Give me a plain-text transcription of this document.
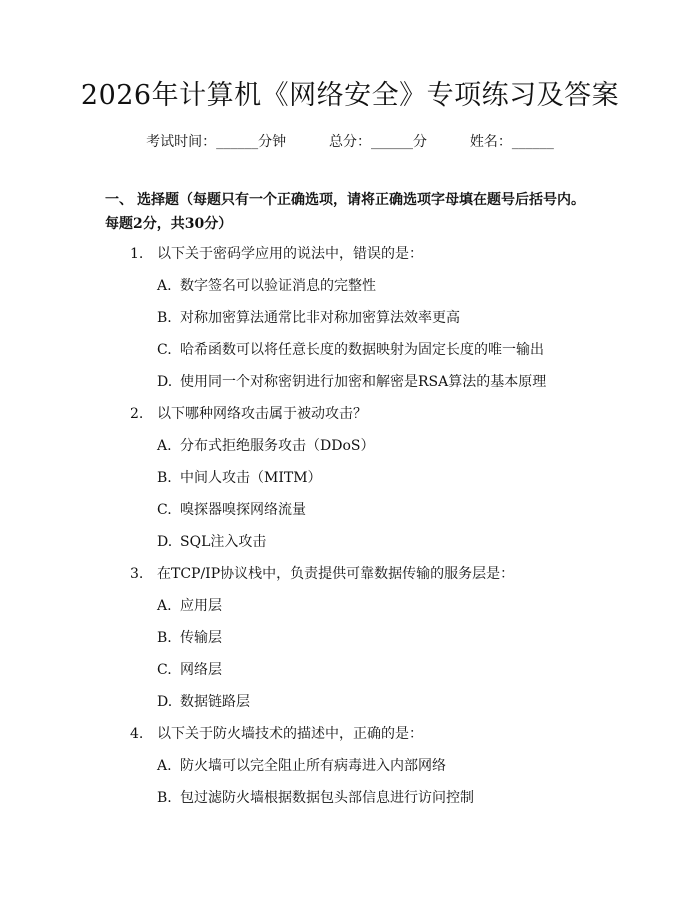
2026年计算机《网络安全》专项练习及答案
考试时间：______分钟	总分：______分	姓名：______
一、 选择题（每题只有一个正确选项，请将正确选项字母填在题号后括号内。每题2分，共30分）
1. 以下关于密码学应用的说法中，错误的是：
A. 数字签名可以验证消息的完整性
B. 对称加密算法通常比非对称加密算法效率更高
C. 哈希函数可以将任意长度的数据映射为固定长度的唯一输出
D. 使用同一个对称密钥进行加密和解密是RSA算法的基本原理
2. 以下哪种网络攻击属于被动攻击？
A. 分布式拒绝服务攻击（DDoS）
B. 中间人攻击（MITM）
C. 嗅探器嗅探网络流量
D. SQL注入攻击
3. 在TCP/IP协议栈中，负责提供可靠数据传输的服务层是：
A. 应用层
B. 传输层
C. 网络层
D. 数据链路层
4. 以下关于防火墙技术的描述中，正确的是：
A. 防火墙可以完全阻止所有病毒进入内部网络
B. 包过滤防火墙根据数据包头部信息进行访问控制
